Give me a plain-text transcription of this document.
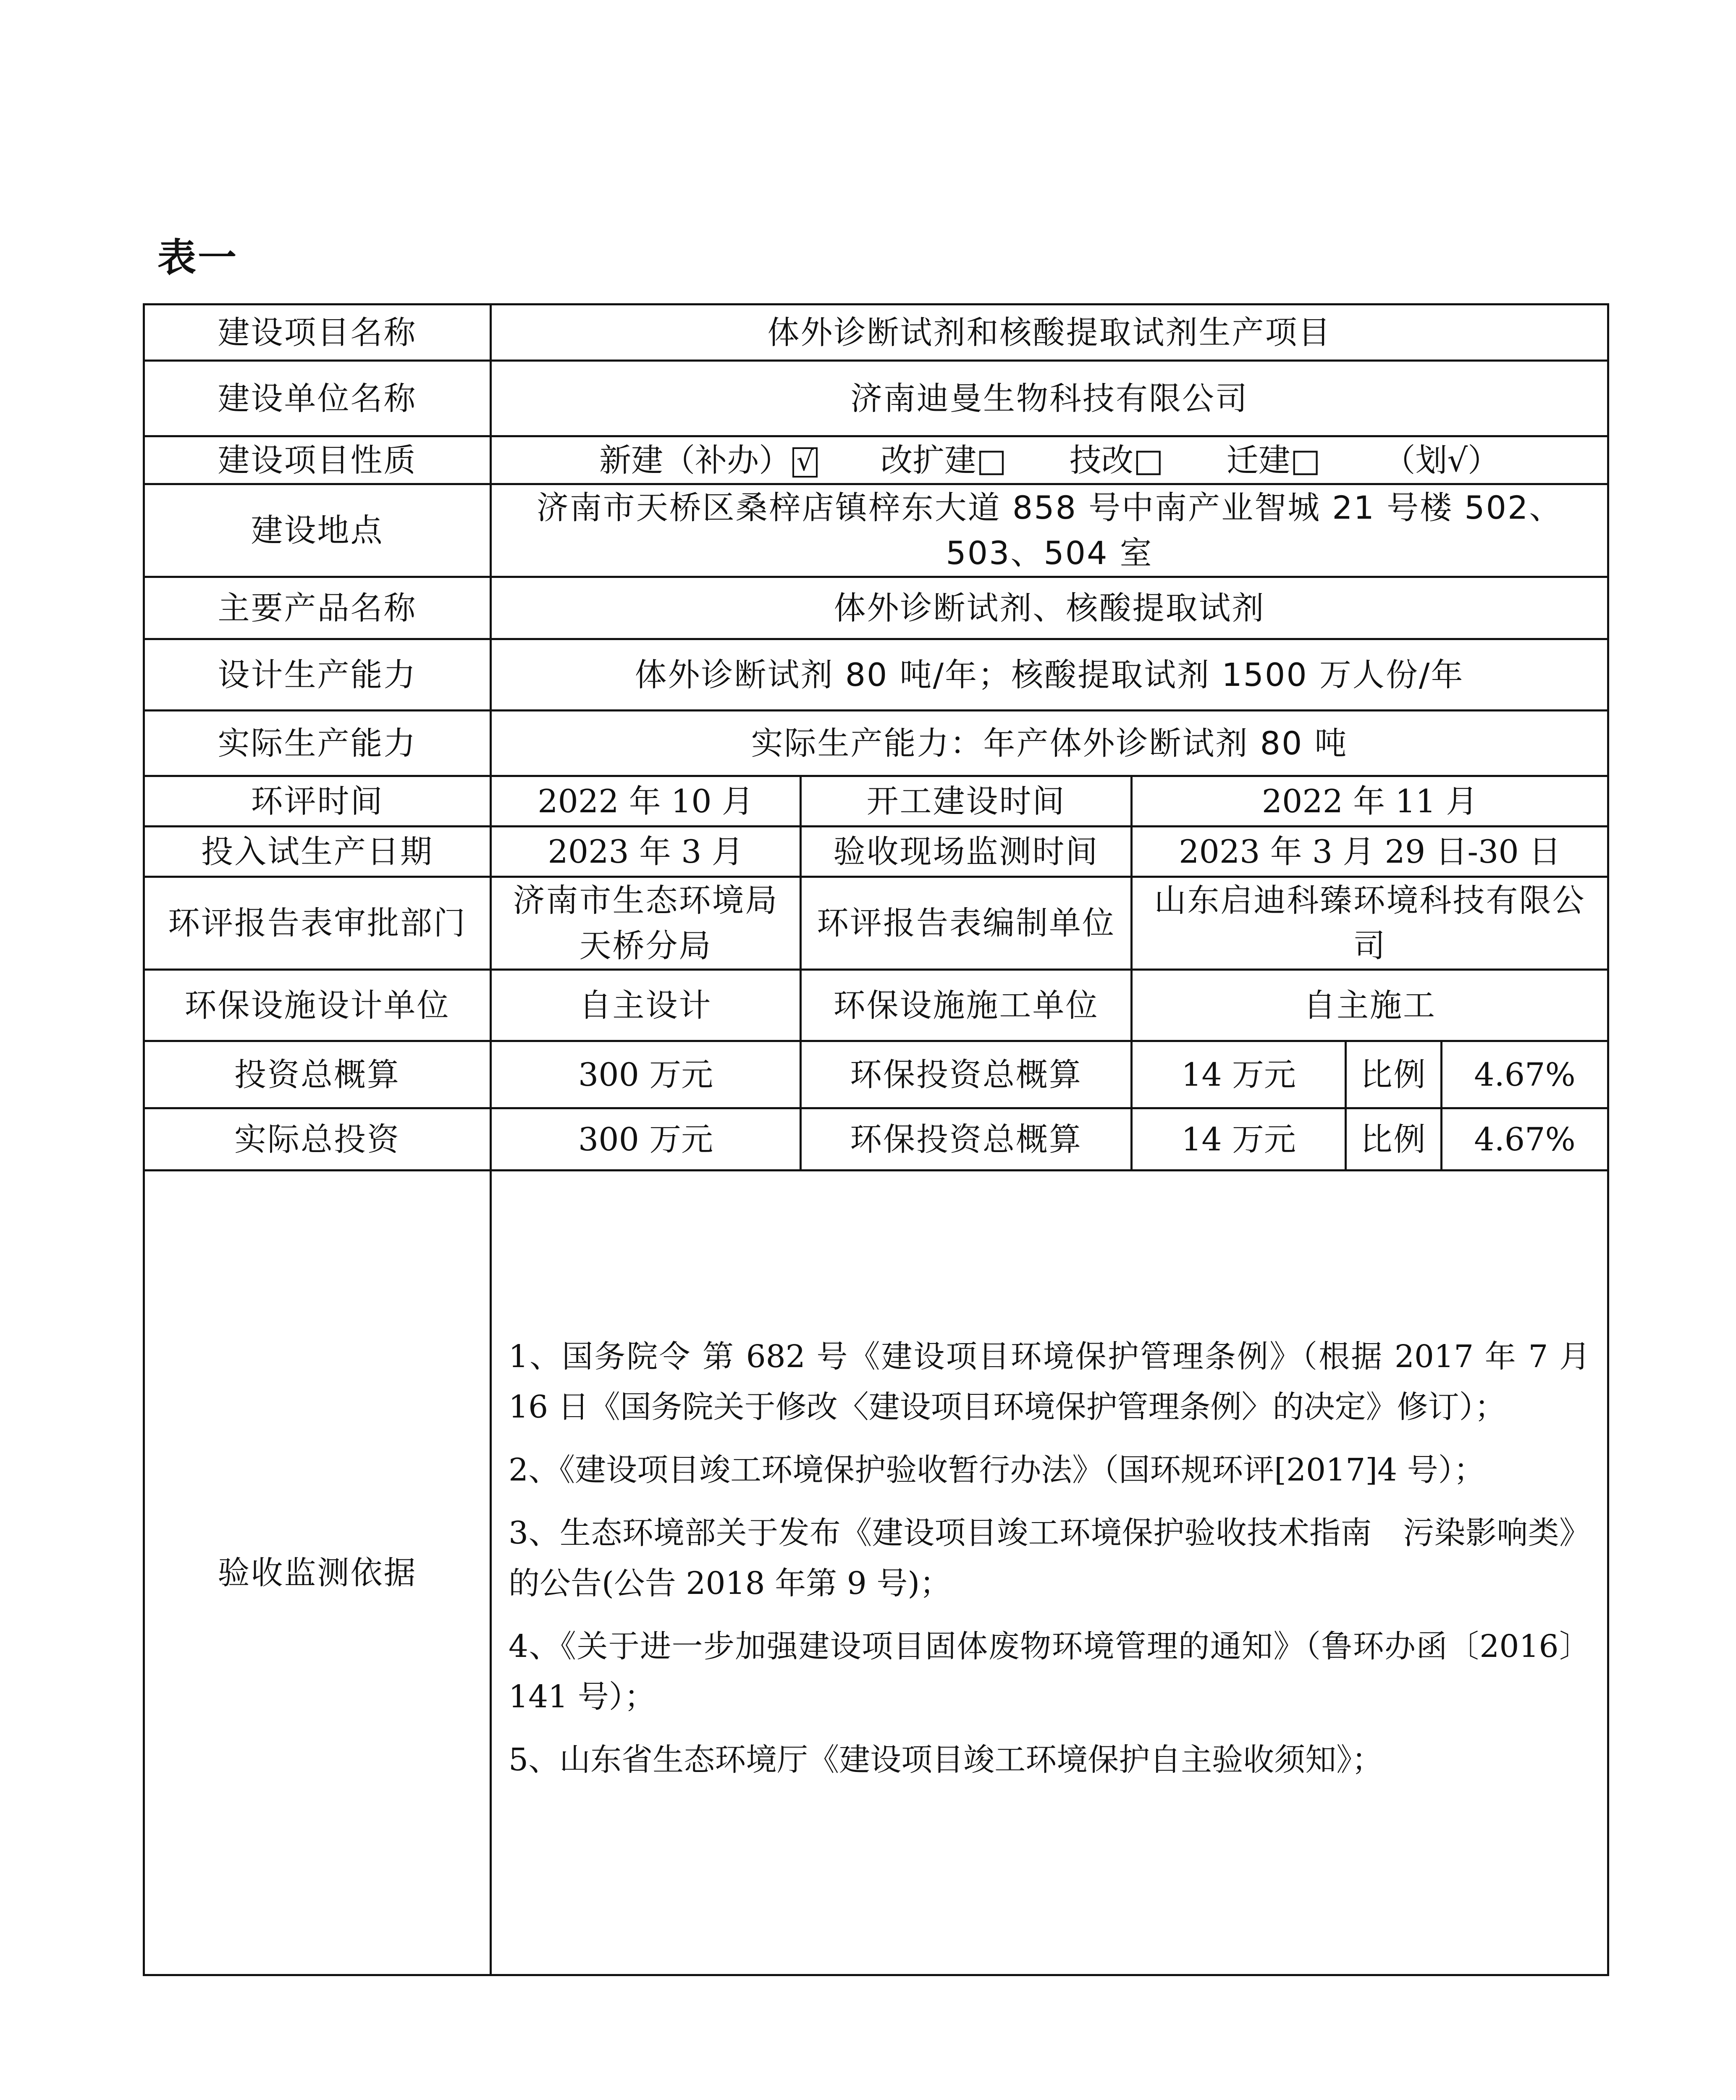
表一
建设项目名称	体外诊断试剂和核酸提取试剂生产项目				
建设单位名称	济南迪曼生物科技有限公司				
建设项目性质	新建（补办） √ 改扩建□ 技改□ 迁建□ （划√）				

建设地点	济南市天桥区桑梓店镇梓东大道 858 号中南产业智城 21 号楼 502、503、504 室				
主要产品名称	体外诊断试剂、核酸提取试剂				
设计生产能力	体外诊断试剂 80 吨/年；核酸提取试剂 1500 万人份/年				
实际生产能力	实际生产能力：年产体外诊断试剂 80 吨				
环评时间	2022 年 10 月	开工建设时间	2022 年 11 月		
投入试生产日期	2023 年 3 月	验收现场监测时间	2023 年 3 月 29 日-30 日		
环评报告表审批部门	济南市生态环境局天桥分局	环评报告表编制单位	山东启迪科臻环境科技有限公司		
环保设施设计单位	自主设计	环保设施施工单位	自主施工		
投资总概算	300 万元	环保投资总概算	14 万元	比例	4.67%
实际总投资	300 万元	环保投资总概算	14 万元	比例	4.67%
验收监测依据	1、国务院令 第 682 号《建设项目环境保护管理条例》（根据 2017 年 7 月 16 日《国务院关于修改〈建设项目环境保护管理条例〉的决定》修订）；

2、《建设项目竣工环境保护验收暂行办法》（国环规环评[2017]4 号）；

3、生态环境部关于发布《建设项目竣工环境保护验收技术指南　污染影响类》的公告(公告 2018 年第 9 号)；

4、《关于进一步加强建设项目固体废物环境管理的通知》（鲁环办函〔2016〕141 号）；

5、山东省生态环境厅《建设项目竣工环境保护自主验收须知》；				
